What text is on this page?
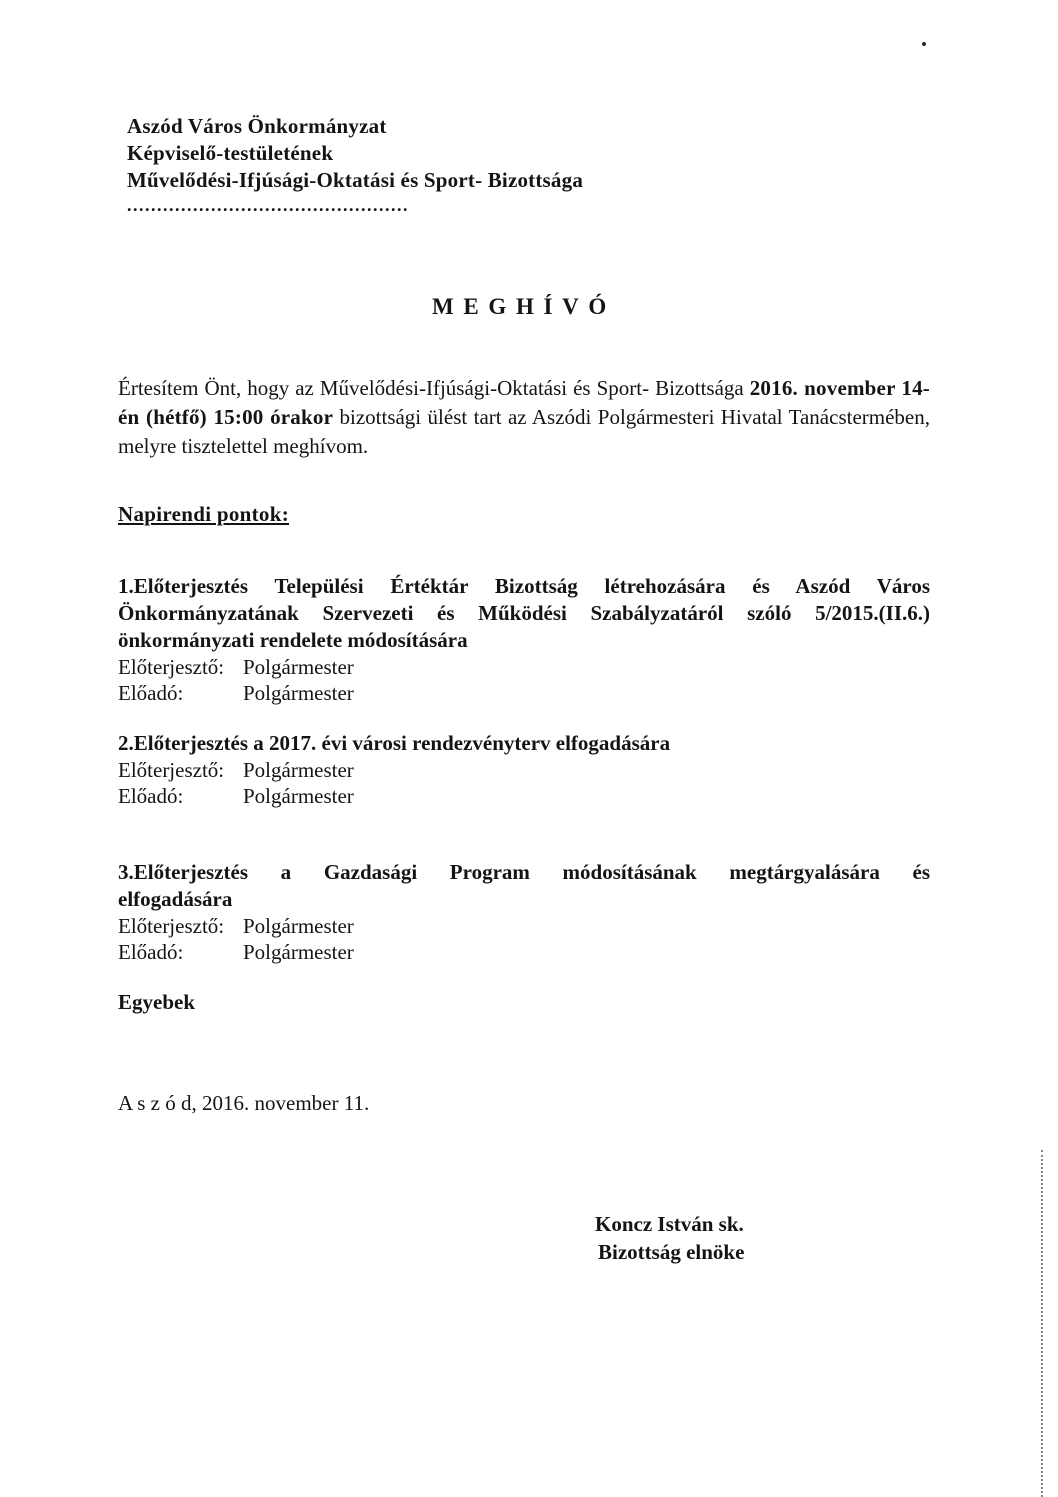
Aszód Város Önkormányzat
Képviselő-testületének
Művelődési-Ifjúsági-Oktatási és Sport- Bizottsága
...............................................
MEGHÍVÓ

Értesítem Önt, hogy az Művelődési-Ifjúsági-Oktatási és Sport- Bizottsága 2016. november 14-én (hétfő) 15:00 órakor bizottsági ülést tart az Aszódi Polgármesteri Hivatal Tanácstermében, melyre tisztelettel meghívom.

Napirendi pontok:

1.Előterjesztés Települési Értéktár Bizottság létrehozására és Aszód Város Önkormányzatának Szervezeti és Működési Szabályzatáról szóló 5/2015.(II.6.) önkormányzati rendelete módosítására

Előterjesztő: Polgármester
Előadó:	Polgármester

2.Előterjesztés a 2017. évi városi rendezvényterv elfogadására

Előterjesztő: Polgármester
Előadó:	Polgármester

3.Előterjesztés a Gazdasági Program módosításának megtárgyalására és elfogadására

Előterjesztő: Polgármester
Előadó:	Polgármester
Egyebek
A s z ó d, 2016. november 11.
Koncz István sk.
Bizottság elnöke
